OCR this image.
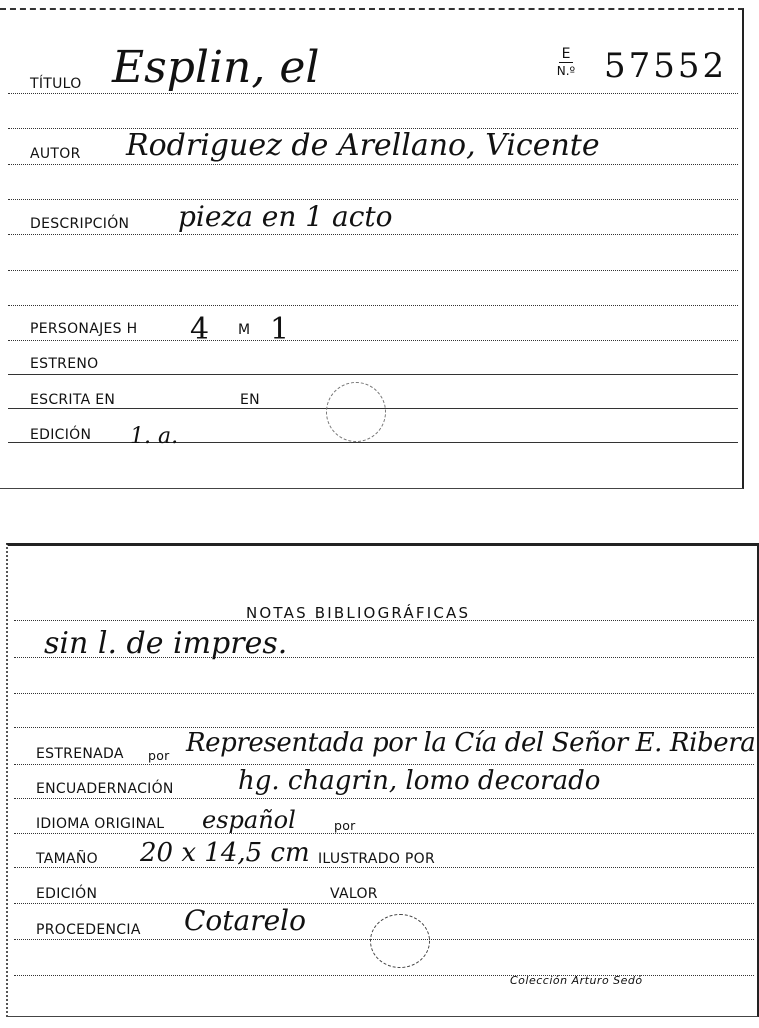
TÍTULO Esplin, el	E
N.º 57552
AUTOR Rodriguez de Arellano, Vicente
DESCRIPCIÓN pieza en 1 acto
PERSONAJES H 4 M 1
ESTRENO
ESCRITA EN	EN
EDICIÓN 1. a.
NOTAS BIBLIOGRÁFICAS
sin l. de impres.
ESTRENADA por Representada por la Cía del Señor E. Ribera
ENCUADERNACIÓN hg. chagrin, lomo decorado
IDIOMA ORIGINAL español	por
TAMAÑO 20 x 14,5 cm ILUSTRADO POR
EDICIÓN	VALOR
PROCEDENCIA Cotarelo
Colección Arturo Sedó
